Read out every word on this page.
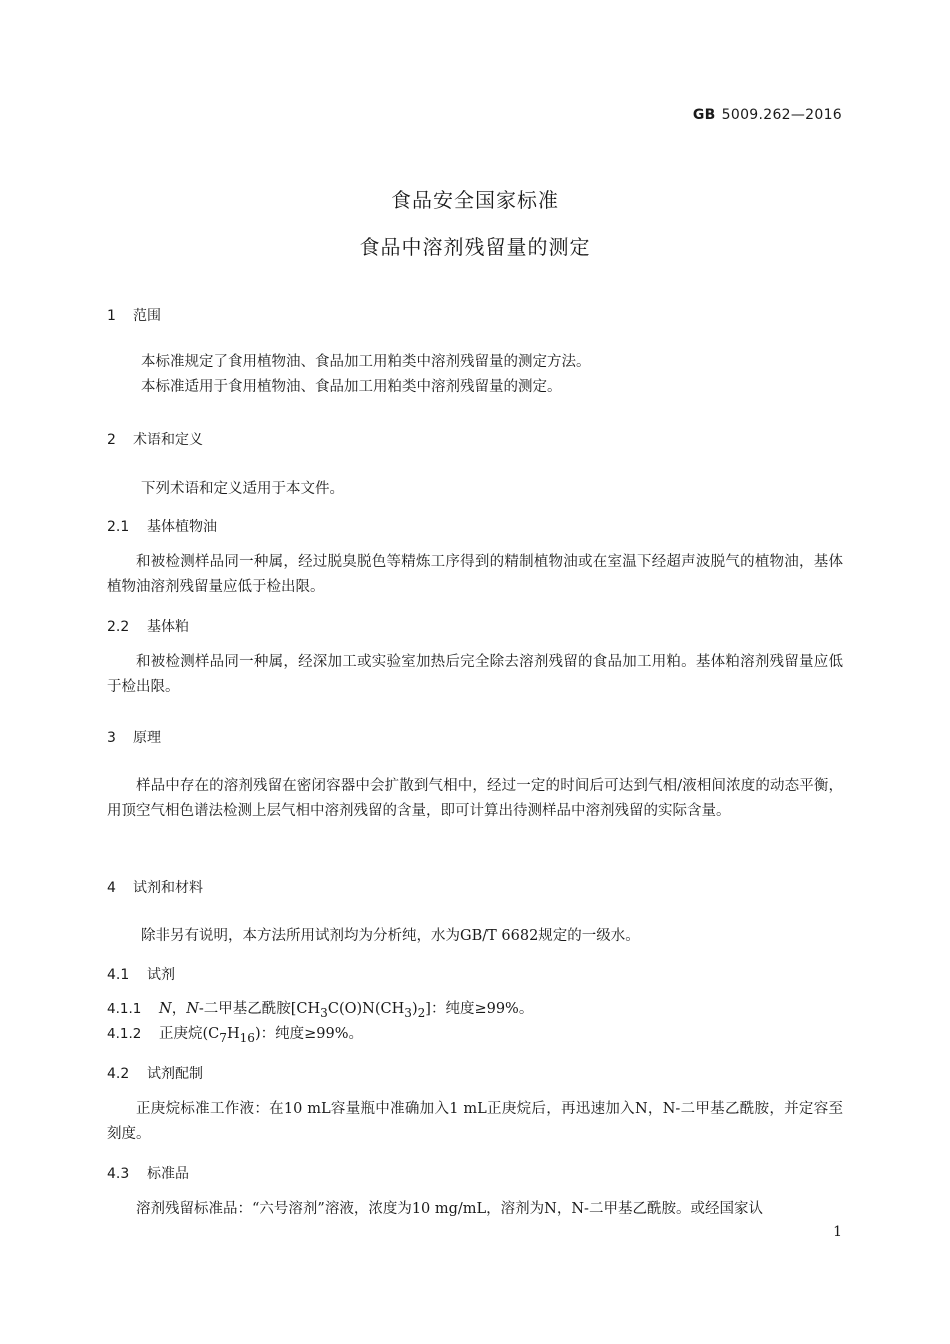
GB 5009.262—2016
食品安全国家标准
食品中溶剂残留量的测定
1 范围
本标准规定了食用植物油、食品加工用粕类中溶剂残留量的测定方法。
本标准适用于食用植物油、食品加工用粕类中溶剂残留量的测定。
2 术语和定义
下列术语和定义适用于本文件。
2.1 基体植物油
和被检测样品同一种属，经过脱臭脱色等精炼工序得到的精制植物油或在室温下经超声波脱气的植物油，基体植物油溶剂残留量应低于检出限。
2.2 基体粕
和被检测样品同一种属，经深加工或实验室加热后完全除去溶剂残留的食品加工用粕。基体粕溶剂残留量应低于检出限。
3 原理
样品中存在的溶剂残留在密闭容器中会扩散到气相中，经过一定的时间后可达到气相/液相间浓度的动态平衡，用顶空气相色谱法检测上层气相中溶剂残留的含量，即可计算出待测样品中溶剂残留的实际含量。
4 试剂和材料
除非另有说明，本方法所用试剂均为分析纯，水为GB/T 6682规定的一级水。
4.1 试剂
4.1.1 N，N-二甲基乙酰胺$[CH_3C(O)N(CH_3)_2]$：纯度≥99%。
4.1.2 正庚烷$(C_7H_{16})$：纯度≥99%。
4.2 试剂配制
正庚烷标准工作液：在10 mL容量瓶中准确加入1 mL正庚烷后，再迅速加入N，N-二甲基乙酰胺，并定容至刻度。
4.3 标准品
溶剂残留标准品：“六号溶剂”溶液，浓度为10 mg/mL，溶剂为N，N-二甲基乙酰胺。或经国家认
1
